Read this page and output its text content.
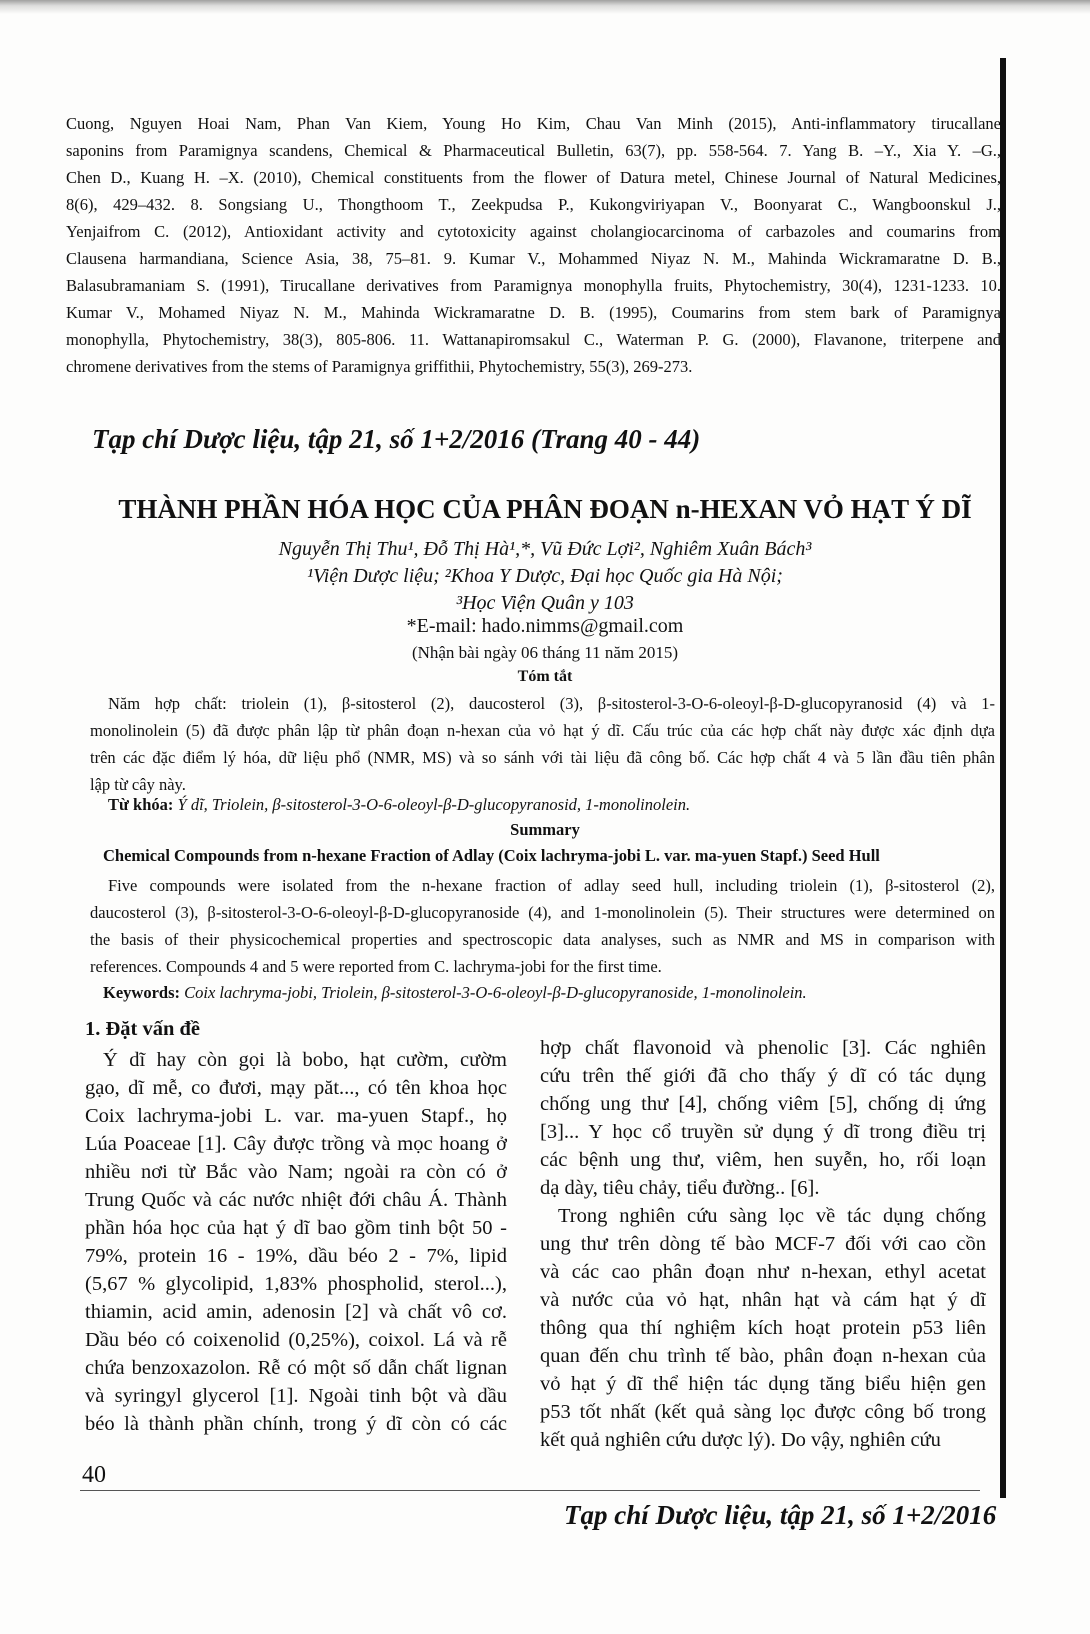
Cuong, Nguyen Hoai Nam, Phan Van Kiem, Young Ho Kim, Chau Van Minh (2015), Anti-inflammatory tirucallane
saponins from Paramignya scandens, Chemical & Pharmaceutical Bulletin, 63(7), pp. 558-564. 7. Yang B. –Y., Xia Y. –G.,
Chen D., Kuang H. –X. (2010), Chemical constituents from the flower of Datura metel, Chinese Journal of Natural Medicines,
8(6), 429–432. 8. Songsiang U., Thongthoom T., Zeekpudsa P., Kukongviriyapan V., Boonyarat C., Wangboonskul J.,
Yenjaifrom C. (2012), Antioxidant activity and cytotoxicity against cholangiocarcinoma of carbazoles and coumarins from
Clausena harmandiana, Science Asia, 38, 75–81. 9. Kumar V., Mohammed Niyaz N. M., Mahinda Wickramaratne D. B.,
Balasubramaniam S. (1991), Tirucallane derivatives from Paramignya monophylla fruits, Phytochemistry, 30(4), 1231-1233. 10.
Kumar V., Mohamed Niyaz N. M., Mahinda Wickramaratne D. B. (1995), Coumarins from stem bark of Paramignya
monophylla, Phytochemistry, 38(3), 805-806. 11. Wattanapiromsakul C., Waterman P. G. (2000), Flavanone, triterpene and
chromene derivatives from the stems of Paramignya griffithii, Phytochemistry, 55(3), 269-273.
Tạp chí Dược liệu, tập 21, số 1+2/2016 (Trang 40 - 44)
THÀNH PHẦN HÓA HỌC CỦA PHÂN ĐOẠN n-HEXAN VỎ HẠT Ý DĨ
Nguyễn Thị Thu¹, Đỗ Thị Hà¹,*, Vũ Đức Lợi², Nghiêm Xuân Bách³
¹Viện Dược liệu; ²Khoa Y Dược, Đại học Quốc gia Hà Nội;
³Học Viện Quân y 103
*E-mail: hado.nimms@gmail.com
(Nhận bài ngày 06 tháng 11 năm 2015)
Tóm tắt
Năm hợp chất: triolein (1), β-sitosterol (2), daucosterol (3), β-sitosterol-3-O-6-oleoyl-β-D-glucopyranosid (4) và 1-
monolinolein (5) đã được phân lập từ phân đoạn n-hexan của vỏ hạt ý dĩ. Cấu trúc của các hợp chất này được xác định dựa
trên các đặc điểm lý hóa, dữ liệu phổ (NMR, MS) và so sánh với tài liệu đã công bố. Các hợp chất 4 và 5 lần đầu tiên phân
lập từ cây này.
Từ khóa: Ý dĩ, Triolein, β-sitosterol-3-O-6-oleoyl-β-D-glucopyranosid, 1-monolinolein.
Summary
Chemical Compounds from n-hexane Fraction of Adlay (Coix lachryma-jobi L. var. ma-yuen Stapf.) Seed Hull
Five compounds were isolated from the n-hexane fraction of adlay seed hull, including triolein (1), β-sitosterol (2),
daucosterol (3), β-sitosterol-3-O-6-oleoyl-β-D-glucopyranoside (4), and 1-monolinolein (5). Their structures were determined on
the basis of their physicochemical properties and spectroscopic data analyses, such as NMR and MS in comparison with
references. Compounds 4 and 5 were reported from C. lachryma-jobi for the first time.
Keywords: Coix lachryma-jobi, Triolein, β-sitosterol-3-O-6-oleoyl-β-D-glucopyranoside, 1-monolinolein.
1. Đặt vấn đề
Ý dĩ hay còn gọi là bobo, hạt cườm, cườm
gạo, dĩ mễ, co đươi, mạy păt..., có tên khoa học
Coix lachryma-jobi L. var. ma-yuen Stapf., họ
Lúa Poaceae [1]. Cây được trồng và mọc hoang ở
nhiều nơi từ Bắc vào Nam; ngoài ra còn có ở
Trung Quốc và các nước nhiệt đới châu Á. Thành
phần hóa học của hạt ý dĩ bao gồm tinh bột 50 -
79%, protein 16 - 19%, dầu béo 2 - 7%, lipid
(5,67 % glycolipid, 1,83% phospholid, sterol...),
thiamin, acid amin, adenosin [2] và chất vô cơ.
Dầu béo có coixenolid (0,25%), coixol. Lá và rễ
chứa benzoxazolon. Rễ có một số dẫn chất lignan
và syringyl glycerol [1]. Ngoài tinh bột và dầu
béo là thành phần chính, trong ý dĩ còn có các
hợp chất flavonoid và phenolic [3]. Các nghiên
cứu trên thế giới đã cho thấy ý dĩ có tác dụng
chống ung thư [4], chống viêm [5], chống dị ứng
[3]... Y học cổ truyền sử dụng ý dĩ trong điều trị
các bệnh ung thư, viêm, hen suyễn, ho, rối loạn
dạ dày, tiêu chảy, tiểu đường.. [6].
Trong nghiên cứu sàng lọc về tác dụng chống
ung thư trên dòng tế bào MCF-7 đối với cao cồn
và các cao phân đoạn như n-hexan, ethyl acetat
và nước của vỏ hạt, nhân hạt và cám hạt ý dĩ
thông qua thí nghiệm kích hoạt protein p53 liên
quan đến chu trình tế bào, phân đoạn n-hexan của
vỏ hạt ý dĩ thể hiện tác dụng tăng biểu hiện gen
p53 tốt nhất (kết quả sàng lọc được công bố trong
kết quả nghiên cứu dược lý). Do vậy, nghiên cứu
40
Tạp chí Dược liệu, tập 21, số 1+2/2016
